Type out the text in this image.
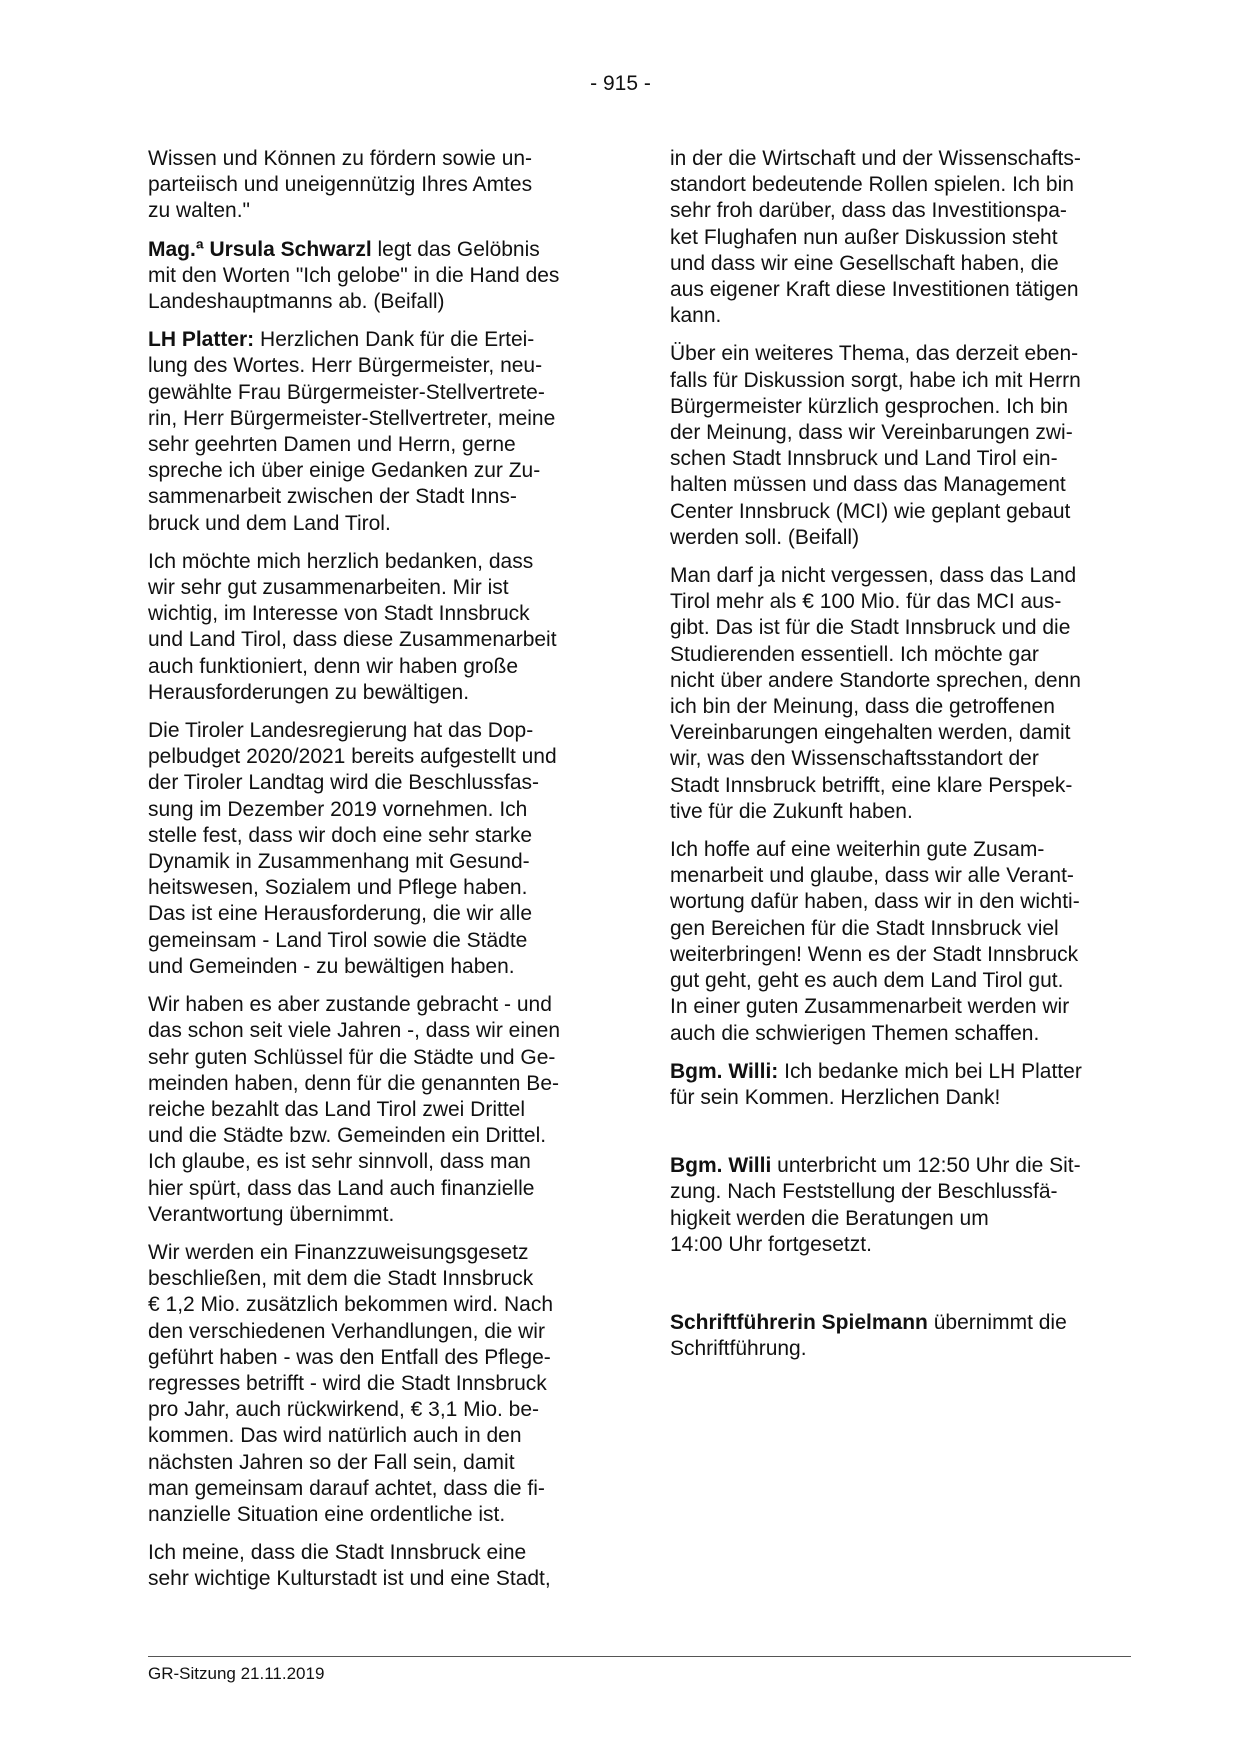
- 915 -

Wissen und Können zu fördern sowie un-
parteiisch und uneigennützig Ihres Amtes
zu walten."

Mag.ª Ursula Schwarzl legt das Gelöbnis
mit den Worten "Ich gelobe" in die Hand des
Landeshauptmanns ab. (Beifall)

LH Platter: Herzlichen Dank für die Ertei-
lung des Wortes. Herr Bürgermeister, neu-
gewählte Frau Bürgermeister-Stellvertrete-
rin, Herr Bürgermeister-Stellvertreter, meine
sehr geehrten Damen und Herrn, gerne
spreche ich über einige Gedanken zur Zu-
sammenarbeit zwischen der Stadt Inns-
bruck und dem Land Tirol.

Ich möchte mich herzlich bedanken, dass
wir sehr gut zusammenarbeiten. Mir ist
wichtig, im Interesse von Stadt Innsbruck
und Land Tirol, dass diese Zusammenarbeit
auch funktioniert, denn wir haben große
Herausforderungen zu bewältigen.

Die Tiroler Landesregierung hat das Dop-
pelbudget 2020/2021 bereits aufgestellt und
der Tiroler Landtag wird die Beschlussfas-
sung im Dezember 2019 vornehmen. Ich
stelle fest, dass wir doch eine sehr starke
Dynamik in Zusammenhang mit Gesund-
heitswesen, Sozialem und Pflege haben.
Das ist eine Herausforderung, die wir alle
gemeinsam - Land Tirol sowie die Städte
und Gemeinden - zu bewältigen haben.

Wir haben es aber zustande gebracht - und
das schon seit viele Jahren -, dass wir einen
sehr guten Schlüssel für die Städte und Ge-
meinden haben, denn für die genannten Be-
reiche bezahlt das Land Tirol zwei Drittel
und die Städte bzw. Gemeinden ein Drittel.
Ich glaube, es ist sehr sinnvoll, dass man
hier spürt, dass das Land auch finanzielle
Verantwortung übernimmt.

Wir werden ein Finanzzuweisungsgesetz
beschließen, mit dem die Stadt Innsbruck
€ 1,2 Mio. zusätzlich bekommen wird. Nach
den verschiedenen Verhandlungen, die wir
geführt haben - was den Entfall des Pflege-
regresses betrifft - wird die Stadt Innsbruck
pro Jahr, auch rückwirkend, € 3,1 Mio. be-
kommen. Das wird natürlich auch in den
nächsten Jahren so der Fall sein, damit
man gemeinsam darauf achtet, dass die fi-
nanzielle Situation eine ordentliche ist.

Ich meine, dass die Stadt Innsbruck eine
sehr wichtige Kulturstadt ist und eine Stadt,

in der die Wirtschaft und der Wissenschafts-
standort bedeutende Rollen spielen. Ich bin
sehr froh darüber, dass das Investitionspa-
ket Flughafen nun außer Diskussion steht
und dass wir eine Gesellschaft haben, die
aus eigener Kraft diese Investitionen tätigen
kann.

Über ein weiteres Thema, das derzeit eben-
falls für Diskussion sorgt, habe ich mit Herrn
Bürgermeister kürzlich gesprochen. Ich bin
der Meinung, dass wir Vereinbarungen zwi-
schen Stadt Innsbruck und Land Tirol ein-
halten müssen und dass das Management
Center Innsbruck (MCI) wie geplant gebaut
werden soll. (Beifall)

Man darf ja nicht vergessen, dass das Land
Tirol mehr als € 100 Mio. für das MCI aus-
gibt. Das ist für die Stadt Innsbruck und die
Studierenden essentiell. Ich möchte gar
nicht über andere Standorte sprechen, denn
ich bin der Meinung, dass die getroffenen
Vereinbarungen eingehalten werden, damit
wir, was den Wissenschaftsstandort der
Stadt Innsbruck betrifft, eine klare Perspek-
tive für die Zukunft haben.

Ich hoffe auf eine weiterhin gute Zusam-
menarbeit und glaube, dass wir alle Verant-
wortung dafür haben, dass wir in den wichti-
gen Bereichen für die Stadt Innsbruck viel
weiterbringen! Wenn es der Stadt Innsbruck
gut geht, geht es auch dem Land Tirol gut.
In einer guten Zusammenarbeit werden wir
auch die schwierigen Themen schaffen.

Bgm. Willi: Ich bedanke mich bei LH Platter
für sein Kommen. Herzlichen Dank!

Bgm. Willi unterbricht um 12:50 Uhr die Sit-
zung. Nach Feststellung der Beschlussfä-
higkeit werden die Beratungen um
14:00 Uhr fortgesetzt.

Schriftführerin Spielmann übernimmt die
Schriftführung.

GR-Sitzung 21.11.2019
